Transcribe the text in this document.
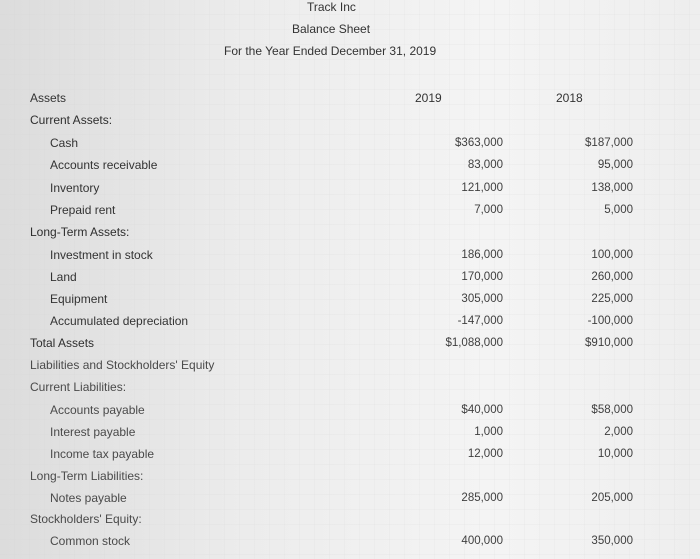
Track Inc
Balance Sheet
For the Year Ended December 31, 2019
Assets	2019	2018
Current Assets:
Cash	$363,000	$187,000
Accounts receivable	83,000	95,000
Inventory	121,000	138,000
Prepaid rent	7,000	5,000
Long-Term Assets:
Investment in stock	186,000	100,000
Land	170,000	260,000
Equipment	305,000	225,000
Accumulated depreciation	-147,000	-100,000
Total Assets	$1,088,000	$910,000
Liabilities and Stockholders' Equity
Current Liabilities:
Accounts payable	$40,000	$58,000
Interest payable	1,000	2,000
Income tax payable	12,000	10,000
Long-Term Liabilities:
Notes payable	285,000	205,000
Stockholders' Equity:
Common stock	400,000	350,000
